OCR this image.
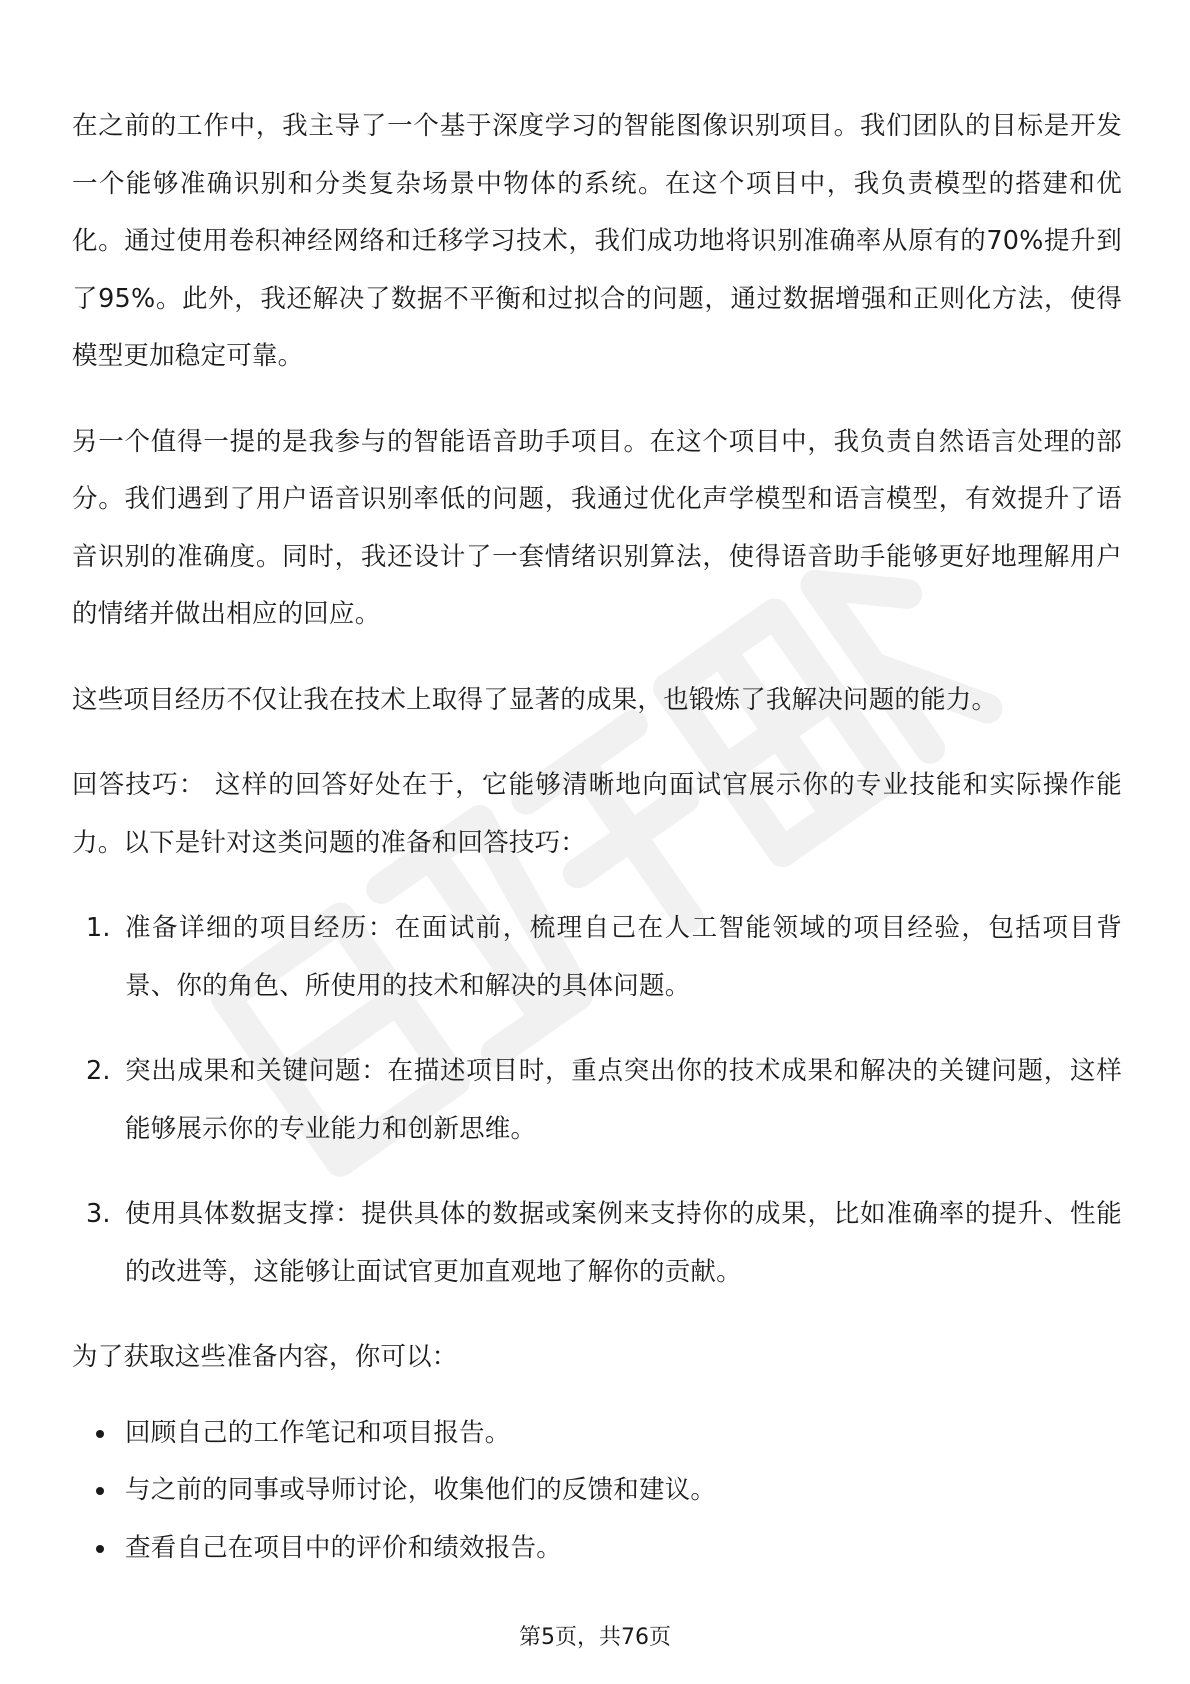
在之前的工作中，我主导了一个基于深度学习的智能图像识别项目。我们团队的目标是开发一个能够准确识别和分类复杂场景中物体的系统。在这个项目中，我负责模型的搭建和优化。通过使用卷积神经网络和迁移学习技术，我们成功地将识别准确率从原有的70%提升到了95%。此外，我还解决了数据不平衡和过拟合的问题，通过数据增强和正则化方法，使得模型更加稳定可靠。

另一个值得一提的是我参与的智能语音助手项目。在这个项目中，我负责自然语言处理的部分。我们遇到了用户语音识别率低的问题，我通过优化声学模型和语言模型，有效提升了语音识别的准确度。同时，我还设计了一套情绪识别算法，使得语音助手能够更好地理解用户的情绪并做出相应的回应。

这些项目经历不仅让我在技术上取得了显著的成果，也锻炼了我解决问题的能力。

回答技巧： 这样的回答好处在于，它能够清晰地向面试官展示你的专业技能和实际操作能力。以下是针对这类问题的准备和回答技巧：

1. 准备详细的项目经历：在面试前，梳理自己在人工智能领域的项目经验，包括项目背景、你的角色、所使用的技术和解决的具体问题。
2. 突出成果和关键问题：在描述项目时，重点突出你的技术成果和解决的关键问题，这样能够展示你的专业能力和创新思维。
3. 使用具体数据支撑：提供具体的数据或案例来支持你的成果，比如准确率的提升、性能的改进等，这能够让面试官更加直观地了解你的贡献。

为了获取这些准备内容，你可以：

回顾自己的工作笔记和项目报告。
与之前的同事或导师讨论，收集他们的反馈和建议。
查看自己在项目中的评价和绩效报告。
第5页，共76页
